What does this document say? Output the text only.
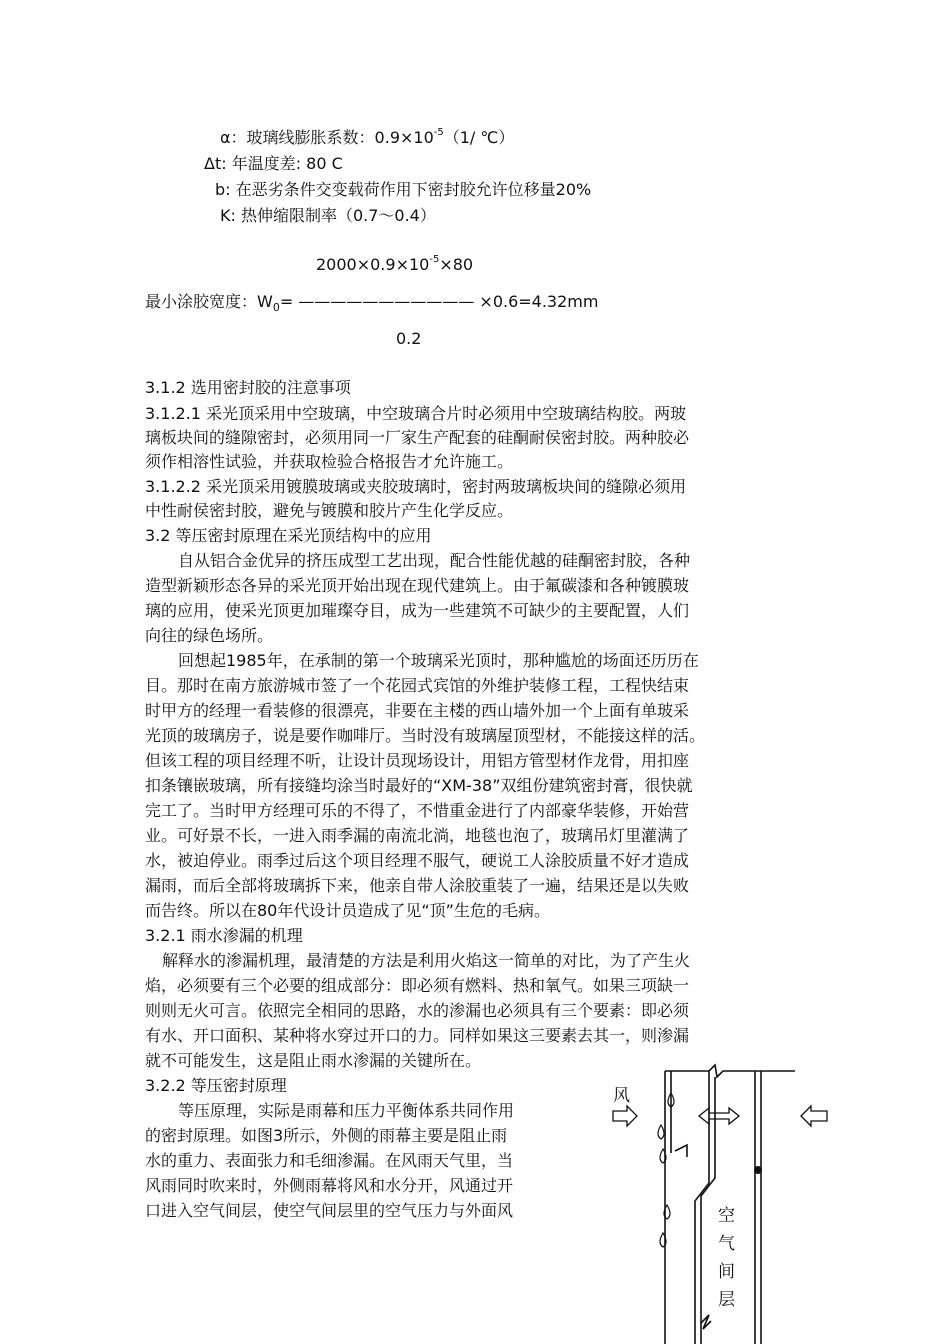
α：玻璃线膨胀系数：$0.9\times 10^{-5}(1/$ ℃）
Δt: 年温度差: 80 C
b: 在恶劣条件交变载荷作用下密封胶允许位移量20%
K: 热伸缩限制率（0.7～0.4）
$2000\times 0.9\times 10^{-5}\times 80$
最小涂胶宽度：$W_0=$ ——————————— ×0.6=4.32mm
0.2
3.1.2 选用密封胶的注意事项
3.1.2.1 采光顶采用中空玻璃，中空玻璃合片时必须用中空玻璃结构胶。两玻
璃板块间的缝隙密封，必须用同一厂家生产配套的硅酮耐侯密封胶。两种胶必
须作相溶性试验，并获取检验合格报告才允许施工。
3.1.2.2 采光顶采用镀膜玻璃或夹胶玻璃时，密封两玻璃板块间的缝隙必须用
中性耐侯密封胶，避免与镀膜和胶片产生化学反应。
3.2 等压密封原理在采光顶结构中的应用
自从铝合金优异的挤压成型工艺出现，配合性能优越的硅酮密封胶，各种
造型新颖形态各异的采光顶开始出现在现代建筑上。由于氟碳漆和各种镀膜玻
璃的应用，使采光顶更加璀璨夺目，成为一些建筑不可缺少的主要配置，人们
向往的绿色场所。
回想起1985年，在承制的第一个玻璃采光顶时，那种尴尬的场面还历历在
目。那时在南方旅游城市签了一个花园式宾馆的外维护装修工程，工程快结束
时甲方的经理一看装修的很漂亮，非要在主楼的西山墙外加一个上面有单玻采
光顶的玻璃房子，说是要作咖啡厅。当时没有玻璃屋顶型材，不能接这样的活。
但该工程的项目经理不听，让设计员现场设计，用铝方管型材作龙骨，用扣座
扣条镶嵌玻璃，所有接缝均涂当时最好的“XM-38”双组份建筑密封膏，很快就
完工了。当时甲方经理可乐的不得了，不惜重金进行了内部豪华装修，开始营
业。可好景不长，一进入雨季漏的南流北淌，地毯也泡了，玻璃吊灯里灌满了
水，被迫停业。雨季过后这个项目经理不服气，硬说工人涂胶质量不好才造成
漏雨，而后全部将玻璃拆下来，他亲自带人涂胶重装了一遍，结果还是以失败
而告终。所以在80年代设计员造成了见“顶”生危的毛病。
3.2.1 雨水渗漏的机理
解释水的渗漏机理，最清楚的方法是利用火焰这一简单的对比，为了产生火
焰，必须要有三个必要的组成部分：即必须有燃料、热和氧气。如果三项缺一
则则无火可言。依照完全相同的思路，水的渗漏也必须具有三个要素：即必须
有水、开口面积、某种将水穿过开口的力。同样如果这三要素去其一，则渗漏
就不可能发生，这是阻止雨水渗漏的关键所在。
3.2.2 等压密封原理
等压原理，实际是雨幕和压力平衡体系共同作用
的密封原理。如图3所示，外侧的雨幕主要是阻止雨
水的重力、表面张力和毛细渗漏。在风雨天气里，当
风雨同时吹来时，外侧雨幕将风和水分开，风通过开
口进入空气间层，使空气间层里的空气压力与外面风
风
空
气
间
层
